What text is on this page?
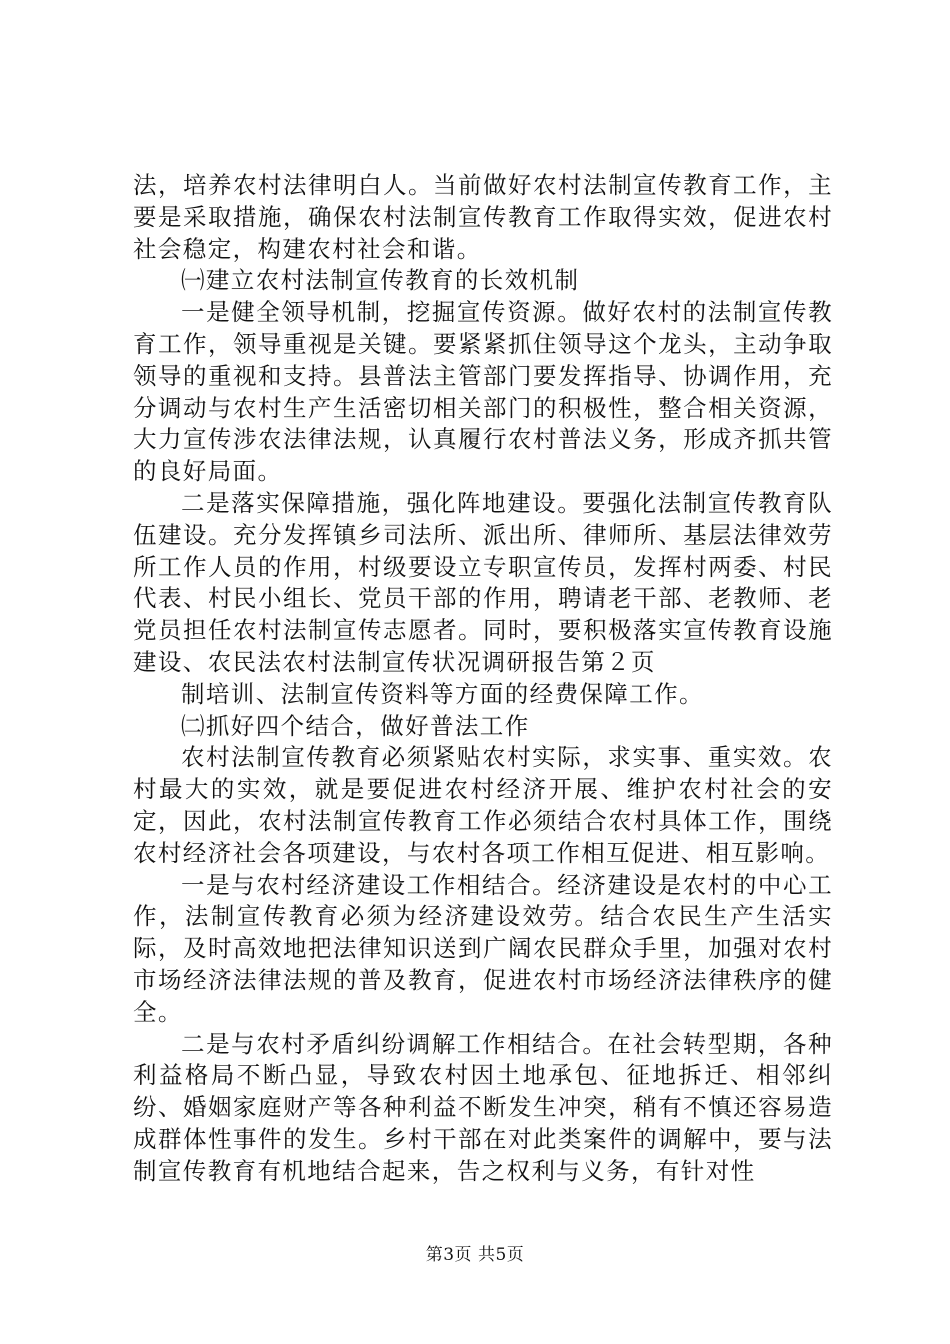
法，培养农村法律明白人。当前做好农村法制宣传教育工作，主要是采取措施，确保农村法制宣传教育工作取得实效，促进农村社会稳定，构建农村社会和谐。

㈠建立农村法制宣传教育的长效机制

一是健全领导机制，挖掘宣传资源。做好农村的法制宣传教育工作，领导重视是关键。要紧紧抓住领导这个龙头，主动争取领导的重视和支持。县普法主管部门要发挥指导、协调作用，充分调动与农村生产生活密切相关部门的积极性，整合相关资源，大力宣传涉农法律法规，认真履行农村普法义务，形成齐抓共管的良好局面。

二是落实保障措施，强化阵地建设。要强化法制宣传教育队伍建设。充分发挥镇乡司法所、派出所、律师所、基层法律效劳所工作人员的作用，村级要设立专职宣传员，发挥村两委、村民代表、村民小组长、党员干部的作用，聘请老干部、老教师、老党员担任农村法制宣传志愿者。同时，要积极落实宣传教育设施建设、农民法农村法制宣传状况调研报告第２页

制培训、法制宣传资料等方面的经费保障工作。

㈡抓好四个结合，做好普法工作

农村法制宣传教育必须紧贴农村实际，求实事、重实效。农村最大的实效，就是要促进农村经济开展、维护农村社会的安定，因此，农村法制宣传教育工作必须结合农村具体工作，围绕农村经济社会各项建设，与农村各项工作相互促进、相互影响。

一是与农村经济建设工作相结合。经济建设是农村的中心工作，法制宣传教育必须为经济建设效劳。结合农民生产生活实际，及时高效地把法律知识送到广阔农民群众手里，加强对农村市场经济法律法规的普及教育，促进农村市场经济法律秩序的健全。

二是与农村矛盾纠纷调解工作相结合。在社会转型期，各种利益格局不断凸显，导致农村因土地承包、征地拆迁、相邻纠纷、婚姻家庭财产等各种利益不断发生冲突，稍有不慎还容易造成群体性事件的发生。乡村干部在对此类案件的调解中，要与法制宣传教育有机地结合起来，告之权利与义务，有针对性

第3页 共5页
